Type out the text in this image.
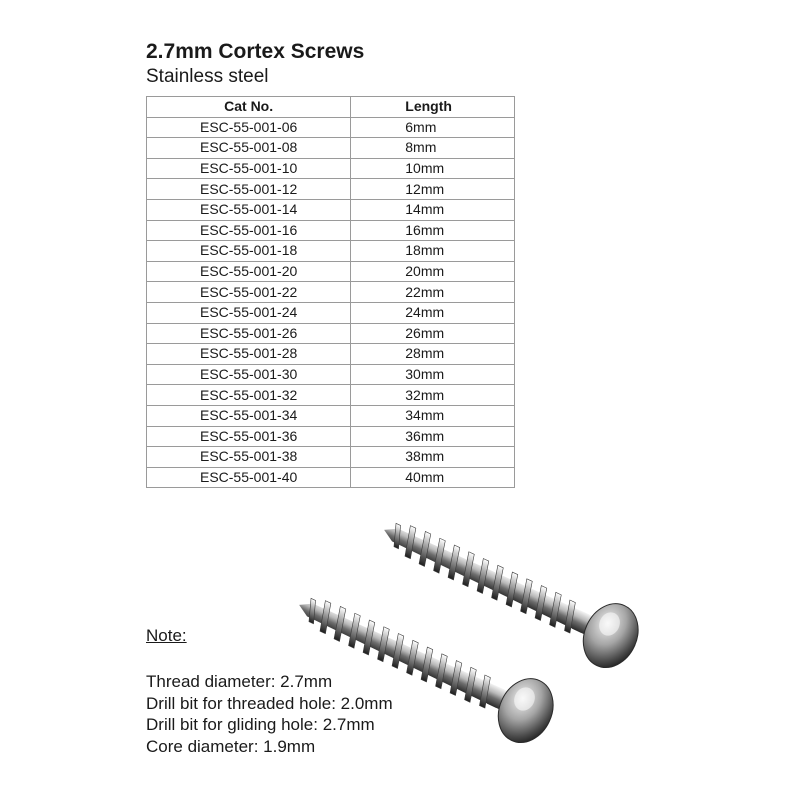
2.7mm Cortex Screws
Stainless steel
Cat No.	Length
ESC-55-001-06	6mm
ESC-55-001-08	8mm
ESC-55-001-10	10mm
ESC-55-001-12	12mm
ESC-55-001-14	14mm
ESC-55-001-16	16mm
ESC-55-001-18	18mm
ESC-55-001-20	20mm
ESC-55-001-22	22mm
ESC-55-001-24	24mm
ESC-55-001-26	26mm
ESC-55-001-28	28mm
ESC-55-001-30	30mm
ESC-55-001-32	32mm
ESC-55-001-34	34mm
ESC-55-001-36	36mm
ESC-55-001-38	38mm
ESC-55-001-40	40mm
Note:
Thread diameter: 2.7mm
Drill bit for threaded hole: 2.0mm
Drill bit for gliding hole: 2.7mm
Core diameter: 1.9mm
